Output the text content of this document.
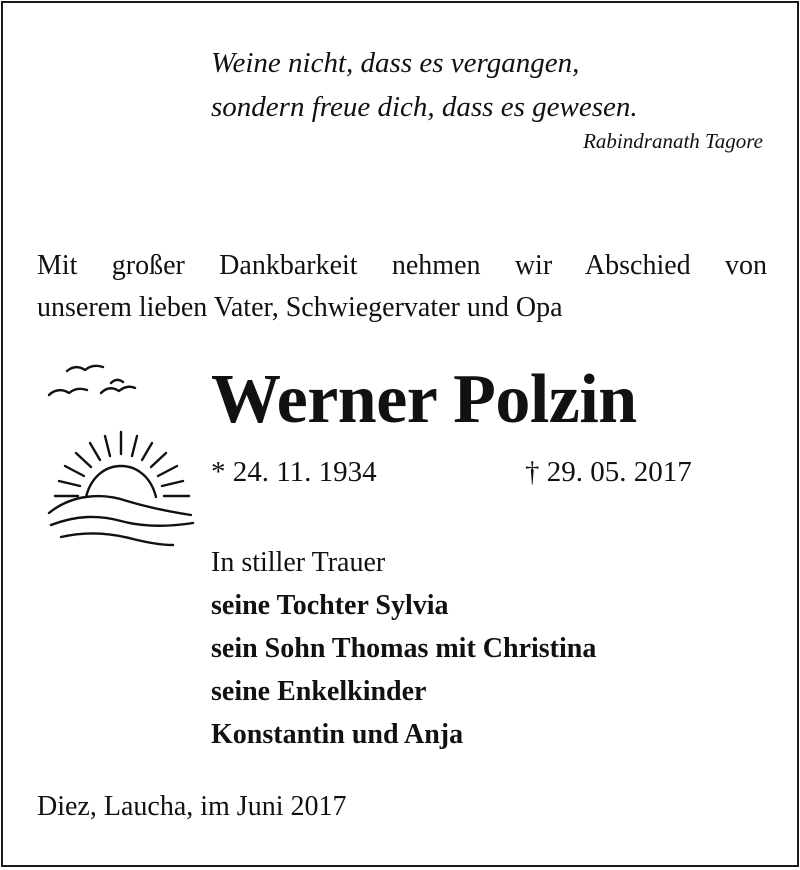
Weine nicht, dass es vergangen,
sondern freue dich, dass es gewesen.
Rabindranath Tagore
Mit großer Dankbarkeit nehmen wir Abschied von
unserem lieben Vater, Schwiegervater und Opa
Werner Polzin
* 24. 11. 1934	† 29. 05. 2017
In stiller Trauer
seine Tochter Sylvia
sein Sohn Thomas mit Christina
seine Enkelkinder
Konstantin und Anja
Diez, Laucha, im Juni 2017
